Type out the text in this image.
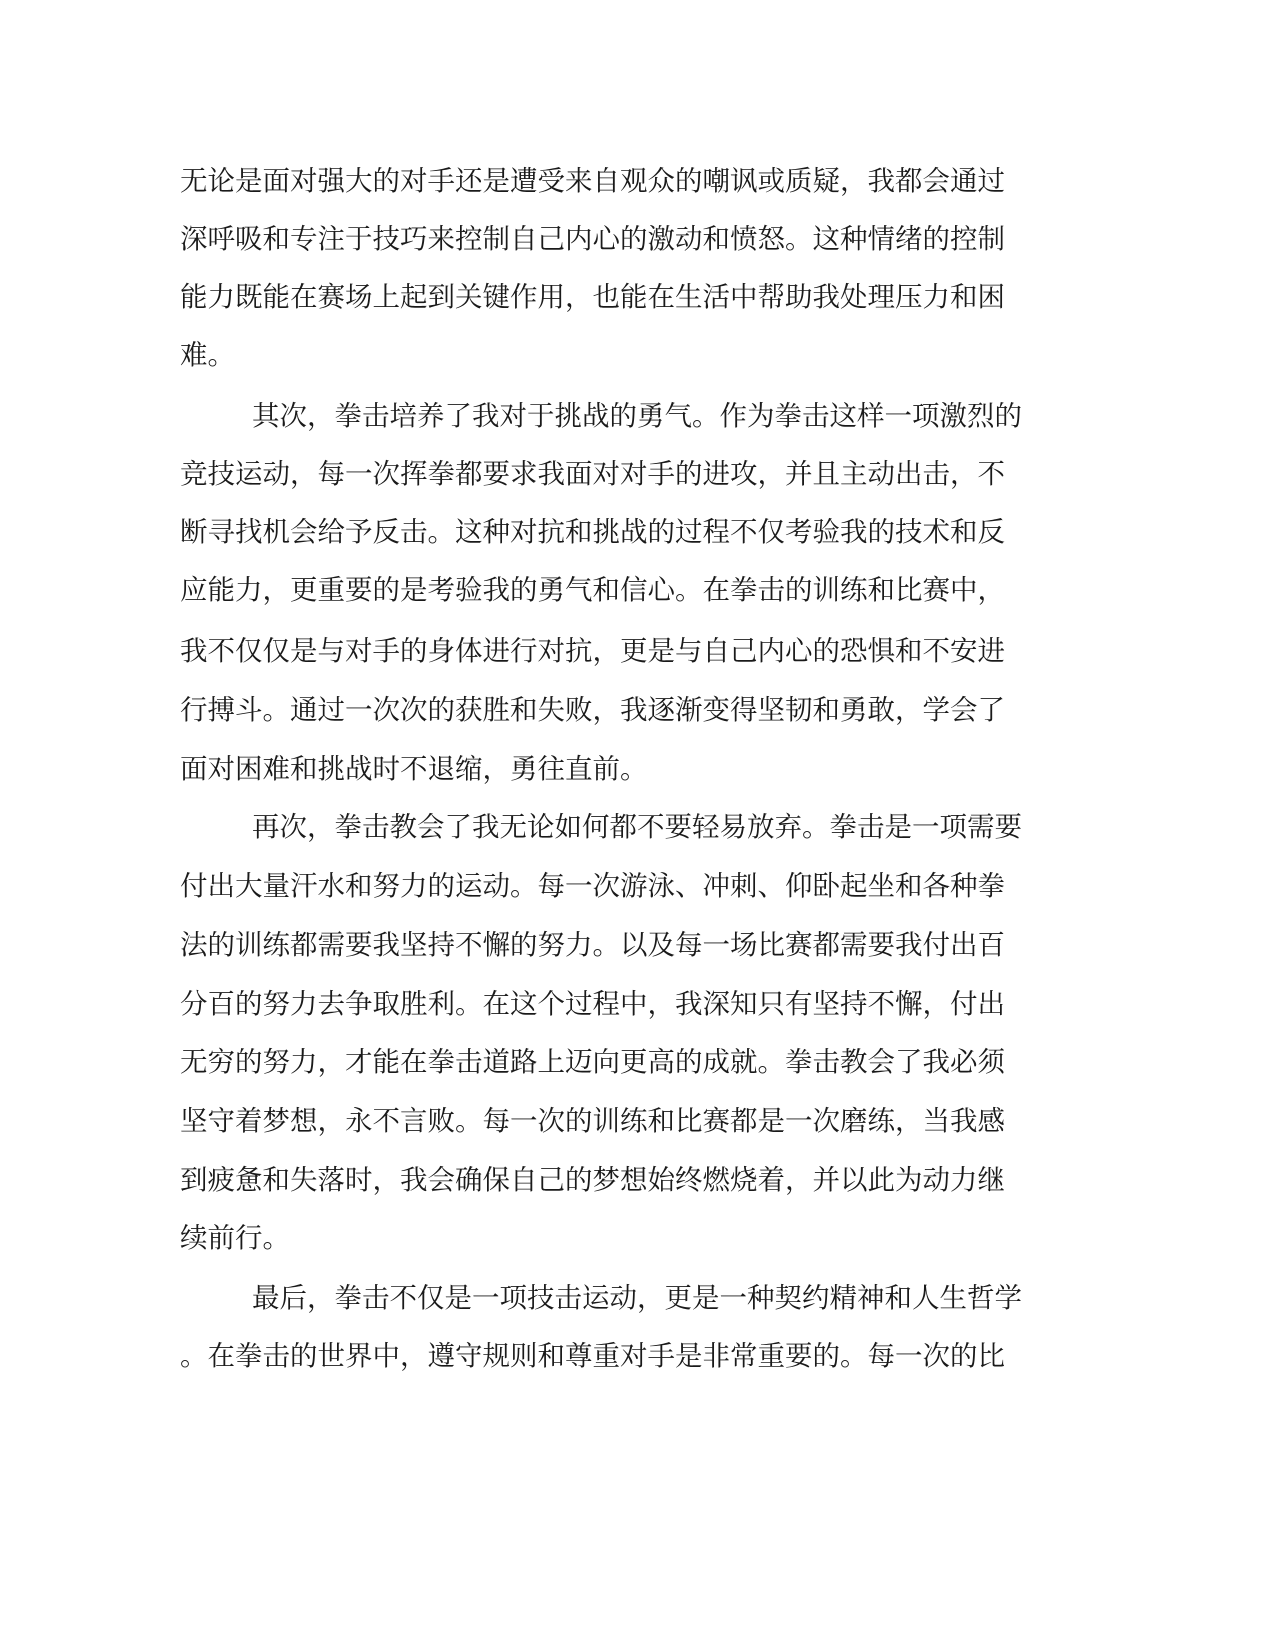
无论是面对强大的对手还是遭受来自观众的嘲讽或质疑，我都会通过
深呼吸和专注于技巧来控制自己内心的激动和愤怒。这种情绪的控制
能力既能在赛场上起到关键作用，也能在生活中帮助我处理压力和困
难。
其次，拳击培养了我对于挑战的勇气。作为拳击这样一项激烈的
竞技运动，每一次挥拳都要求我面对对手的进攻，并且主动出击，不
断寻找机会给予反击。这种对抗和挑战的过程不仅考验我的技术和反
应能力，更重要的是考验我的勇气和信心。在拳击的训练和比赛中，
我不仅仅是与对手的身体进行对抗，更是与自己内心的恐惧和不安进
行搏斗。通过一次次的获胜和失败，我逐渐变得坚韧和勇敢，学会了
面对困难和挑战时不退缩，勇往直前。
再次，拳击教会了我无论如何都不要轻易放弃。拳击是一项需要
付出大量汗水和努力的运动。每一次游泳、冲刺、仰卧起坐和各种拳
法的训练都需要我坚持不懈的努力。以及每一场比赛都需要我付出百
分百的努力去争取胜利。在这个过程中，我深知只有坚持不懈，付出
无穷的努力，才能在拳击道路上迈向更高的成就。拳击教会了我必须
坚守着梦想，永不言败。每一次的训练和比赛都是一次磨练，当我感
到疲惫和失落时，我会确保自己的梦想始终燃烧着，并以此为动力继
续前行。
最后，拳击不仅是一项技击运动，更是一种契约精神和人生哲学
。在拳击的世界中，遵守规则和尊重对手是非常重要的。每一次的比
